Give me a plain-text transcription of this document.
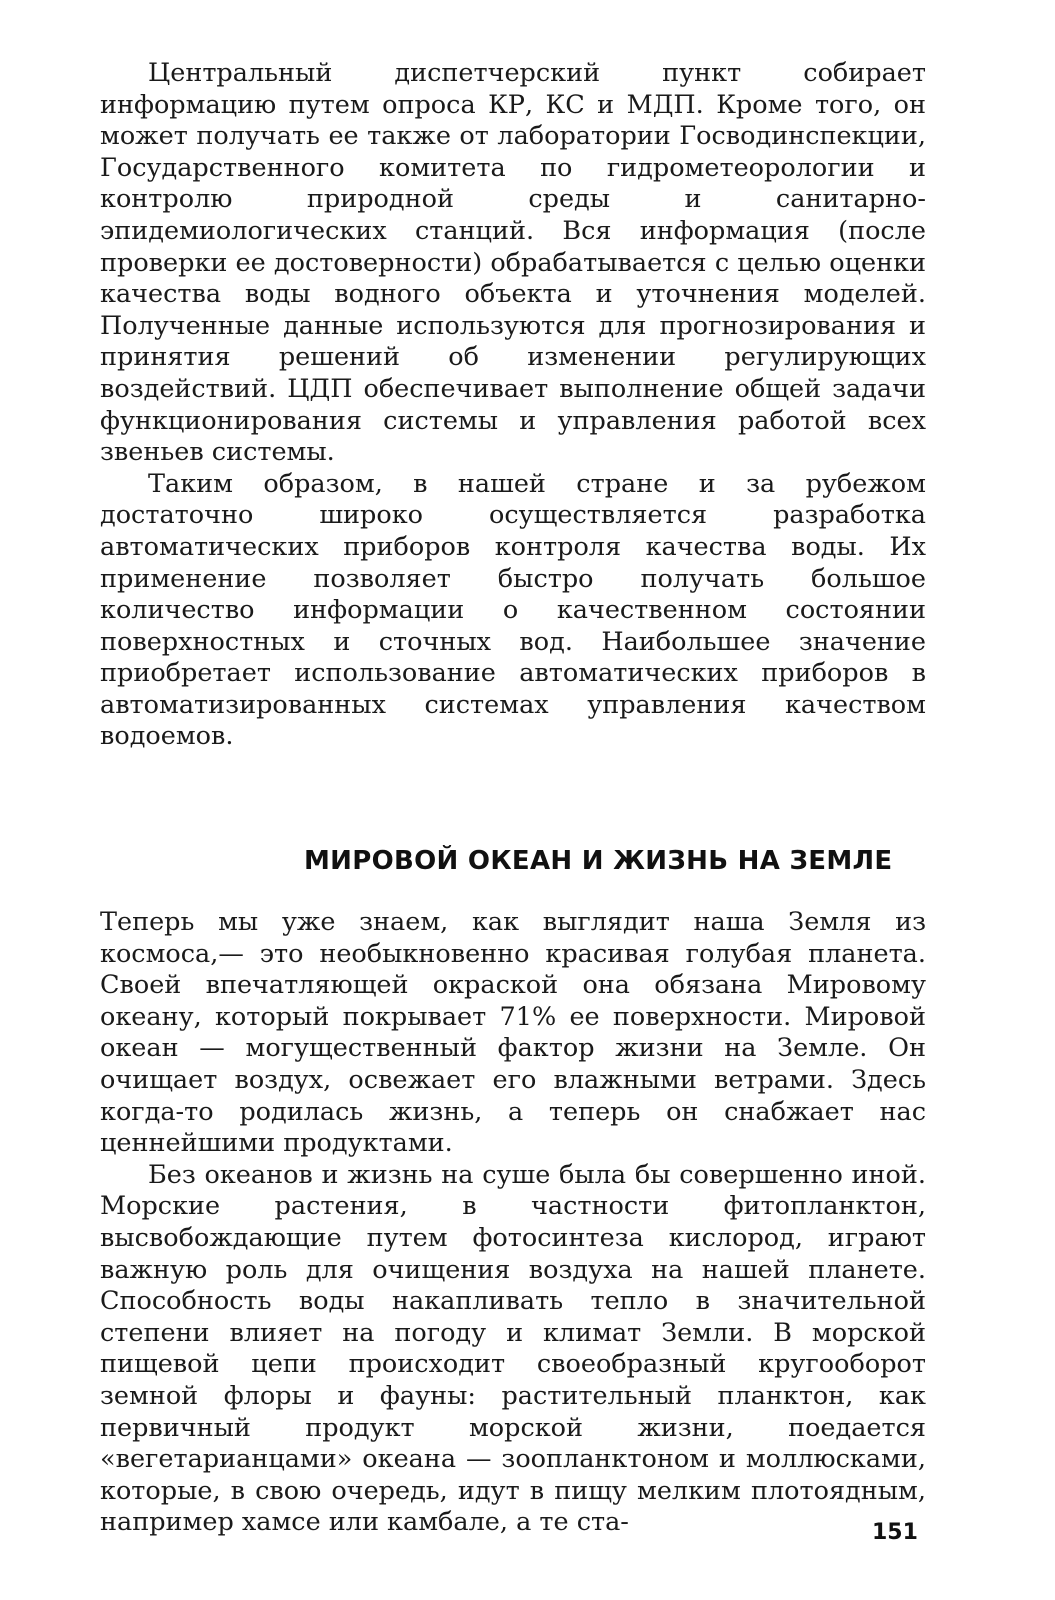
Центральный диспетчерский пункт собирает информацию путем опроса КР, КС и МДП. Кроме того, он может получать ее также от лаборатории Госводинспекции, Государственного комитета по гидрометеорологии и контролю природной среды и санитарно-эпидемиологических станций. Вся информация (после проверки ее достоверности) обрабатывается с целью оценки качества воды водного объекта и уточнения моделей. Полученные данные используются для прогнозирования и принятия решений об изменении регулирующих воздействий. ЦДП обеспечивает выполнение общей задачи функционирования системы и управления работой всех звеньев системы.

Таким образом, в нашей стране и за рубежом достаточно широко осуществляется разработка автоматических приборов контроля качества воды. Их применение позволяет быстро получать большое количество информации о качественном состоянии поверхностных и сточных вод. Наибольшее значение приобретает использование автоматических приборов в автоматизированных системах управления качеством водоемов.

МИРОВОЙ ОКЕАН И ЖИЗНЬ НА ЗЕМЛЕ

Теперь мы уже знаем, как выглядит наша Земля из космоса,— это необыкновенно красивая голубая планета. Своей впечатляющей окраской она обязана Мировому океану, который покрывает 71% ее поверхности. Мировой океан — могущественный фактор жизни на Земле. Он очищает воздух, освежает его влажными ветрами. Здесь когда-то родилась жизнь, а теперь он снабжает нас ценнейшими продуктами.

Без океанов и жизнь на суше была бы совершенно иной. Морские растения, в частности фитопланктон, высвобождающие путем фотосинтеза кислород, играют важную роль для очищения воздуха на нашей планете. Способность воды накапливать тепло в значительной степени влияет на погоду и климат Земли. В морской пищевой цепи происходит своеобразный кругооборот земной флоры и фауны: растительный планктон, как первичный продукт морской жизни, поедается «вегетарианцами» океана — зоопланктоном и моллюсками, которые, в свою очередь, идут в пищу мелким плотоядным, например хамсе или камбале, а те ста-	151
